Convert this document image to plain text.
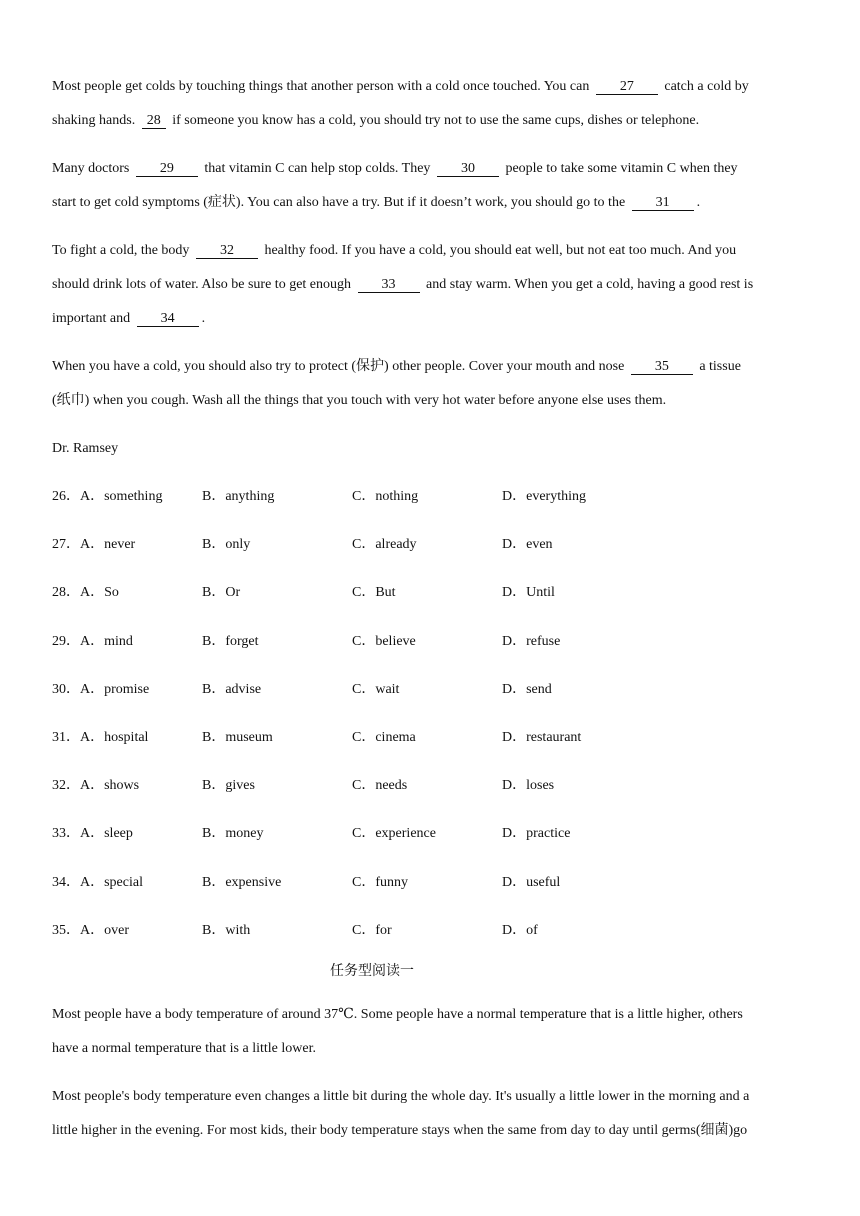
Most people get colds by touching things that another person with a cold once touched. You can 27 catch a cold by

shaking hands. 28 if someone you know has a cold, you should try not to use the same cups, dishes or telephone.

Many doctors 29 that vitamin C can help stop colds. They 30 people to take some vitamin C when they

start to get cold symptoms (症状). You can also have a try. But if it doesn’t work, you should go to the 31 .

To fight a cold, the body 32 healthy food. If you have a cold, you should eat well, but not eat too much. And you

should drink lots of water. Also be sure to get enough 33 and stay warm. When you get a cold, having a good rest is

important and 34 .

When you have a cold, you should also try to protect (保护) other people. Cover your mouth and nose 35 a tissue

(纸巾) when you cough. Wash all the things that you touch with very hot water before anyone else uses them.

Dr. Ramsey
26．A．something	B．anything	C．nothing	D．everything
27．A．never	B．only	C．already	D．even
28．A．So	B．Or	C．But	D．Until
29．A．mind	B．forget	C．believe	D．refuse
30．A．promise	B．advise	C．wait	D．send
31．A．hospital	B．museum	C．cinema	D．restaurant
32．A．shows	B．gives	C．needs	D．loses
33．A．sleep	B．money	C．experience	D．practice
34．A．special	B．expensive	C．funny	D．useful
35．A．over	B．with	C．for	D．of
任务型阅读一

Most people have a body temperature of around 37℃. Some people have a normal temperature that is a little higher, others

have a normal temperature that is a little lower.

Most people's body temperature even changes a little bit during the whole day. It's usually a little lower in the morning and a

little higher in the evening. For most kids, their body temperature stays when the same from day to day until germs(细菌)go
